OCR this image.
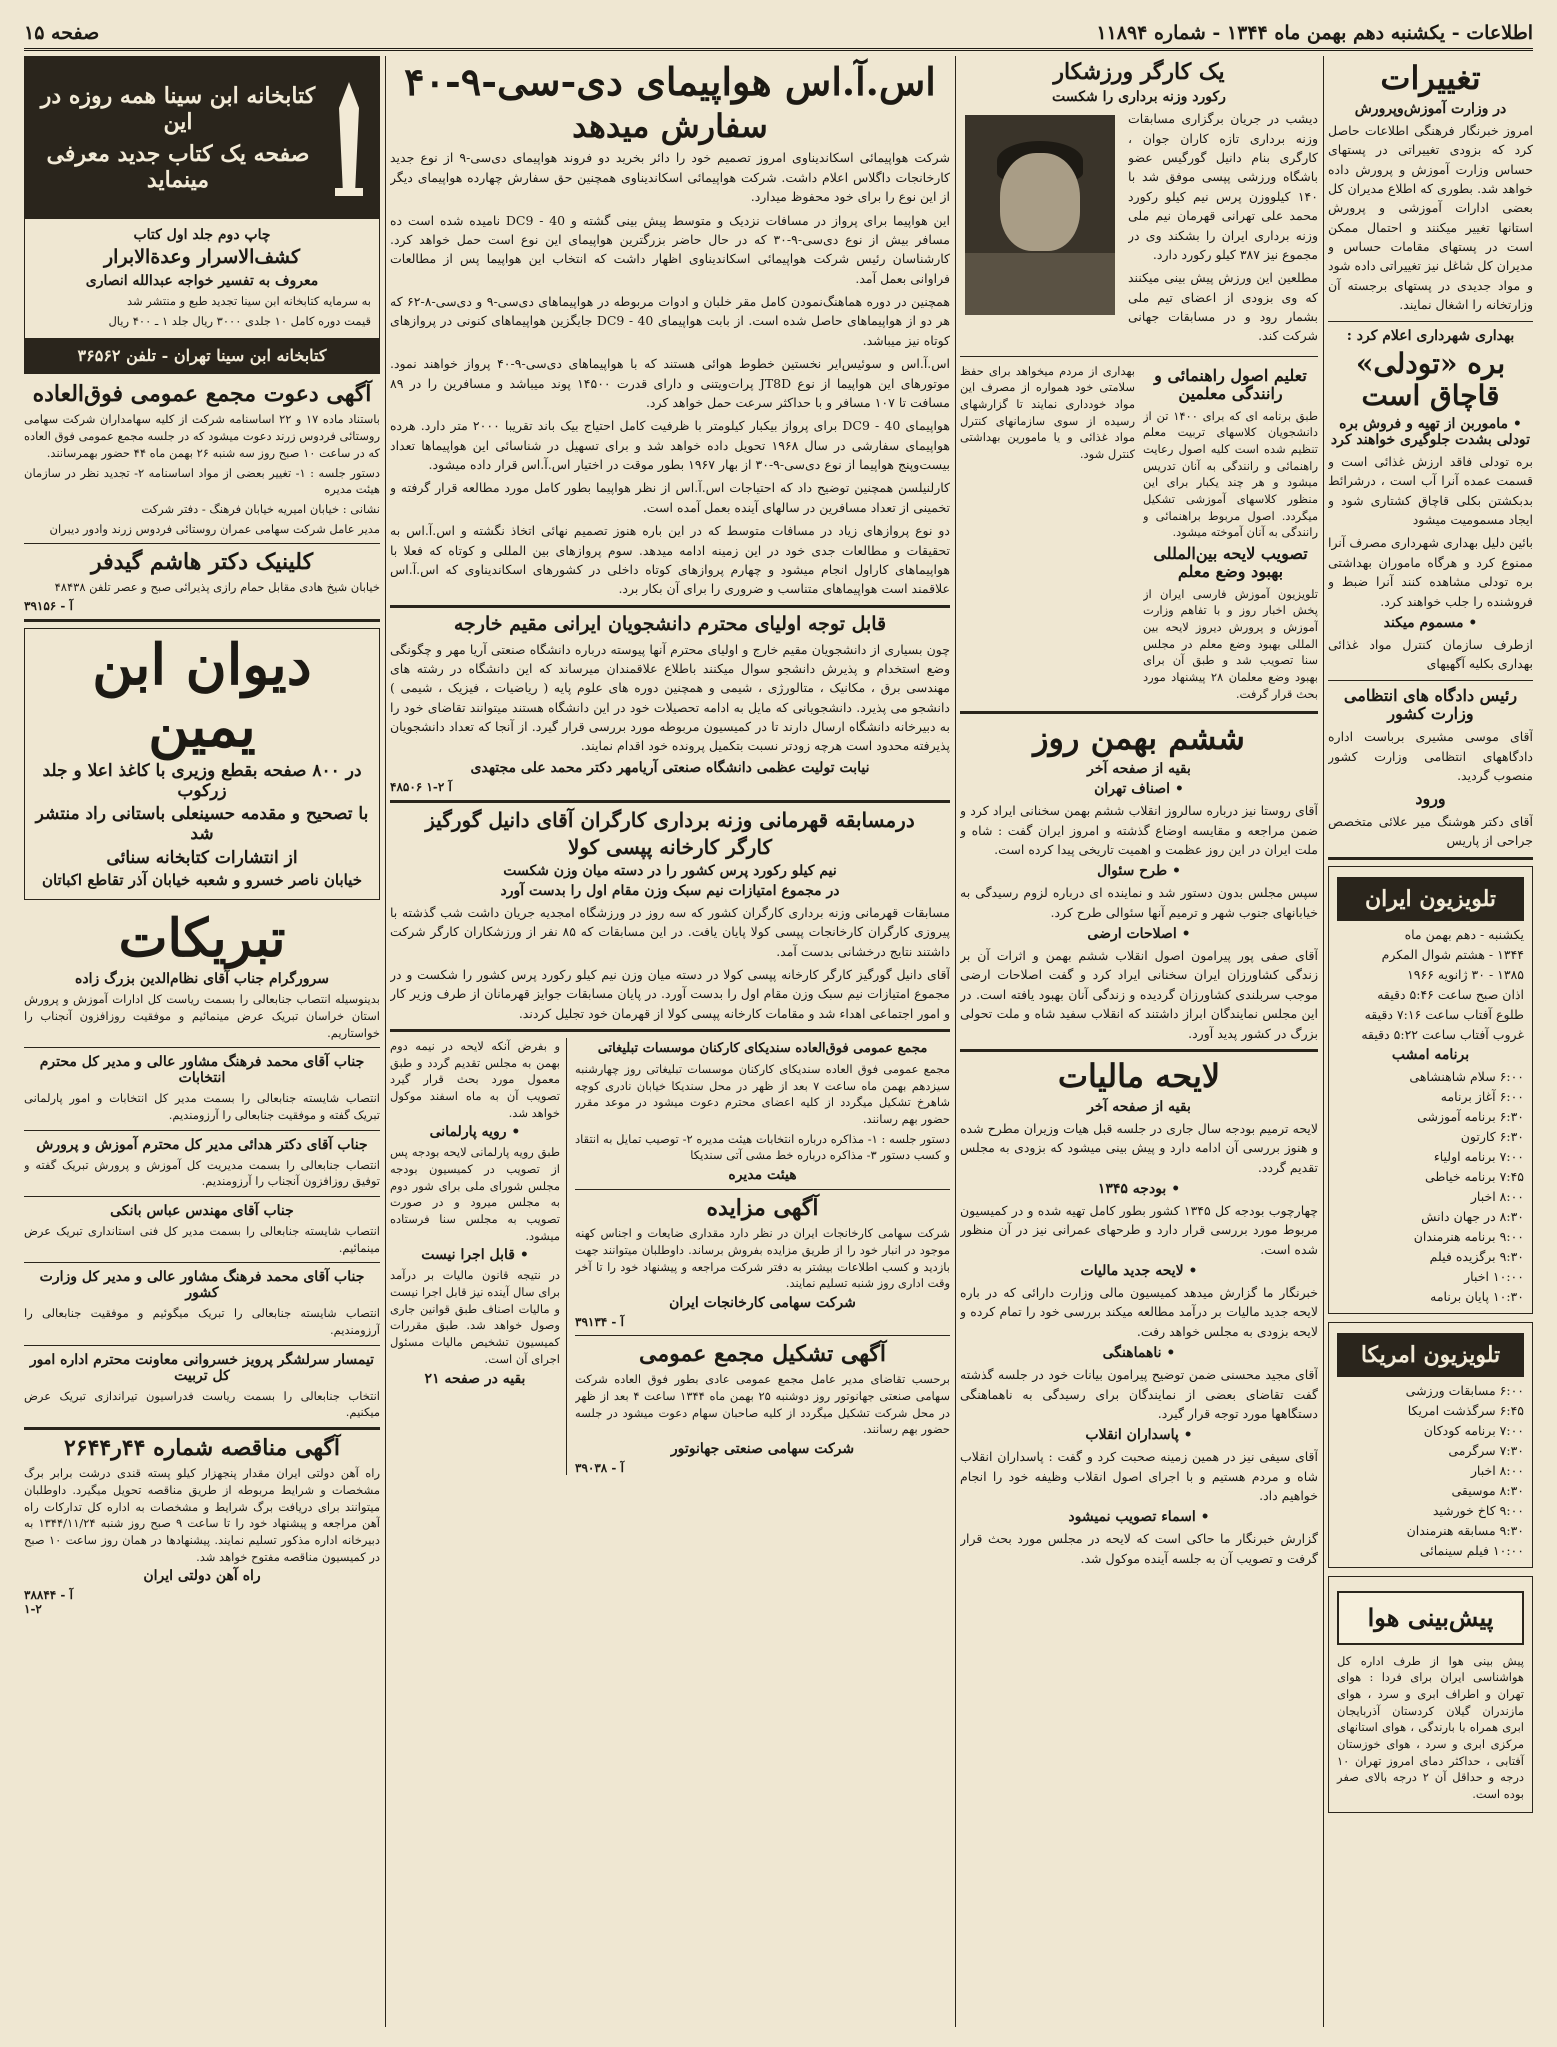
اطلاعات - یکشنبه دهم بهمن ماه ۱۳۴۴ - شماره ۱۱۸۹۴
صفحه ۱۵
تغییرات
در وزارت آموزش‌وپرورش

امروز خبرنگار فرهنگی اطلاعات حاصل کرد که بزودی تغییراتی در پستهای حساس وزارت آموزش و پرورش داده خواهد شد. بطوری که اطلاع مدیران کل بعضی ادارات آموزشی و پرورش استانها تغییر میکنند و احتمال ممکن است در پستهای مقامات حساس و مدیران کل شاغل نیز تغییراتی داده شود و مواد جدیدی در پستهای برجسته آن وزارتخانه را اشغال نمایند.

بهداری شهرداری اعلام کرد :
بره «تودلی» قاچاق است
• ماموربن از تهیه و فروش بره تودلی بشدت جلوگیری خواهند کرد

بره تودلی فاقد ارزش غذائی است و قسمت عمده آنرا آب است ، درشرائط بدبکشتن بکلی قاچاق کشتاری شود و ایجاد مسمومیت میشود

بائین دلیل بهداری شهرداری مصرف آنرا ممنوع کرد و هرگاه ماموران بهداشتی بره تودلی مشاهده کنند آنرا ضبط و فروشنده را جلب خواهند کرد.

• مسموم میکند

ازطرف سازمان کنترل مواد غذائی بهداری بکلیه آگهیهای

رئیس دادگاه های انتظامی وزارت کشور

آقای موسی مشیری برباست اداره دادگاههای انتظامی وزارت کشور منصوب گردید.

ورود

آقای دکتر هوشنگ میر علائی متخصص جراحی از پاریس

تلویزیون ایران
یکشنبه - دهم بهمن ماه
۱۳۴۴ - هشتم شوال المکرم
۱۳۸۵ - ۳۰ ژانویه ۱۹۶۶
اذان صبح ساعت ۵:۴۶ دقیقه
طلوع آفتاب ساعت ۷:۱۶ دقیقه
غروب آفتاب ساعت ۵:۲۲ دقیقه
برنامه امشب
۶:۰۰ سلام شاهنشاهی
۶:۰۰ آغاز برنامه
۶:۳۰ برنامه آموزشی
۶:۳۰ کارتون
۷:۰۰ برنامه اولیاء
۷:۴۵ برنامه خیاطی
۸:۰۰ اخبار
۸:۳۰ در جهان دانش
۹:۰۰ برنامه هنرمندان
۹:۳۰ برگزیده فیلم
۱۰:۰۰ اخبار
۱۰:۳۰ پایان برنامه
تلویزیون امریکا
۶:۰۰ مسابقات ورزشی
۶:۴۵ سرگذشت امریکا
۷:۰۰ برنامه کودکان
۷:۳۰ سرگرمی
۸:۰۰ اخبار
۸:۳۰ موسیقی
۹:۰۰ کاخ خورشید
۹:۳۰ مسابقه هنرمندان
۱۰:۰۰ فیلم سینمائی
پیش‌بینی هوا

پیش بینی هوا از طرف اداره کل هواشناسی ایران برای فردا : هوای تهران و اطراف ابری و سرد ، هوای مازندران گیلان کردستان آذربایجان ابری همراه با بارندگی ، هوای استانهای مرکزی ابری و سرد ، هوای خوزستان آفتابی ، حداکثر دمای امروز تهران ۱۰ درجه و حداقل آن ۲ درجه بالای صفر بوده است.

یک کارگر ورزشکار
رکورد وزنه برداری را شکست

دیشب در جریان برگزاری مسابقات وزنه برداری تازه کاران جوان ، کارگری بنام دانیل گورگیس عضو باشگاه ورزشی پپسی موفق شد با ۱۴۰ کیلووزن پرس نیم کیلو رکورد محمد علی تهرانی قهرمان نیم ملی وزنه برداری ایران را بشکند وی در مجموع نیز ۳۸۷ کیلو رکورد دارد.

مطلعین این ورزش پیش بینی میکنند که وی بزودی از اعضای تیم ملی بشمار رود و در مسابقات جهانی شرکت کند.

تعلیم اصول راهنمائی و رانندگی معلمین

طبق برنامه ای که برای ۱۴۰۰ تن از دانشجویان کلاسهای تربیت معلم تنظیم شده است کلیه اصول رعایت راهنمائی و رانندگی به آنان تدریس میشود و هر چند یکبار برای این منظور کلاسهای آموزشی تشکیل میگردد. اصول مربوط براهنمائی و رانندگی به آنان آموخته میشود.

تصویب لایحه بین‌المللی بهبود وضع معلم

تلویزیون آموزش فارسی ایران از پخش اخبار روز و با تفاهم وزارت آموزش و پرورش دیروز لایحه بین المللی بهبود وضع معلم در مجلس سنا تصویب شد و طبق آن برای بهبود وضع معلمان ۲۸ پیشنهاد مورد بحث قرار گرفت.

بهداری از مردم میخواهد برای حفظ سلامتی خود همواره از مصرف این مواد خودداری نمایند تا گزارشهای رسیده از سوی سازمانهای کنترل مواد غذائی و یا مامورین بهداشتی کنترل شود.

ششم بهمن روز
بقیه از صفحه آخر
• اصناف تهران

آقای روستا نیز درباره سالروز انقلاب ششم بهمن سخنانی ایراد کرد و ضمن مراجعه و مقایسه اوضاع گذشته و امروز ایران گفت : شاه و ملت ایران در این روز عظمت و اهمیت تاریخی پیدا کرده است.

• طرح سئوال

سپس مجلس بدون دستور شد و نماینده ای درباره لزوم رسیدگی به خیابانهای جنوب شهر و ترمیم آنها سئوالی طرح کرد.

• اصلاحات ارضی

آقای صفی پور پیرامون اصول انقلاب ششم بهمن و اثرات آن بر زندگی کشاورزان ایران سخنانی ایراد کرد و گفت اصلاحات ارضی موجب سربلندی کشاورزان گردیده و زندگی آنان بهبود یافته است. در این مجلس نمایندگان ابراز داشتند که انقلاب سفید شاه و ملت تحولی بزرگ در کشور پدید آورد.

لایحه مالیات
بقیه از صفحه آخر

لایحه ترمیم بودجه سال جاری در جلسه قبل هیات وزیران مطرح شده و هنوز بررسی آن ادامه دارد و پیش بینی میشود که بزودی به مجلس تقدیم گردد.

• بودجه ۱۳۴۵

چهارچوب بودجه کل ۱۳۴۵ کشور بطور کامل تهیه شده و در کمیسیون مربوط مورد بررسی قرار دارد و طرحهای عمرانی نیز در آن منظور شده است.

• لایحه جدید مالیات

خبرنگار ما گزارش میدهد کمیسیون مالی وزارت دارائی که در باره لایحه جدید مالیات بر درآمد مطالعه میکند بررسی خود را تمام کرده و لایحه بزودی به مجلس خواهد رفت.

• ناهماهنگی

آقای مجید محسنی ضمن توضیح پیرامون بیانات خود در جلسه گذشته گفت تقاضای بعضی از نمایندگان برای رسیدگی به ناهماهنگی دستگاهها مورد توجه قرار گیرد.

• پاسداران انقلاب

آقای سیفی نیز در همین زمینه صحبت کرد و گفت : پاسداران انقلاب شاه و مردم هستیم و با اجرای اصول انقلاب وظیفه خود را انجام خواهیم داد.

• اسماء تصویب نمیشود

گزارش خبرنگار ما حاکی است که لایحه در مجلس مورد بحث قرار گرفت و تصویب آن به جلسه آینده موکول شد.

اس.آ.اس هواپیمای دی-سی-۹-۴۰
سفارش میدهد

شرکت هواپیمائی اسکاندیناوی امروز تصمیم خود را دائر بخرید دو فروند هواپیمای دی‌سی-۹ از نوع جدید کارخانجات داگلاس اعلام داشت. شرکت هواپیمائی اسکاندیناوی همچنین حق سفارش چهارده هواپیمای دیگر از این نوع را برای خود محفوظ میدارد.

این هواپیما برای پرواز در مسافات نزدیک و متوسط پیش بینی گشته و DC9 - 40 نامیده شده است ده مسافر بیش از نوع دی‌سی-۹-۳۰ که در حال حاضر بزرگترین هواپیمای این نوع است حمل خواهد کرد. کارشناسان رئیس شرکت هواپیمائی اسکاندیناوی اظهار داشت که انتخاب این هواپیما پس از مطالعات فراوانی بعمل آمد.

همچنین در دوره هماهنگ‌نمودن کامل مقر خلبان و ادوات مربوطه در هواپیماهای دی‌سی-۹ و دی‌سی-۸-۶۲ که هر دو از هواپیماهای حاصل شده است. از بابت هواپیمای DC9 - 40 جایگزین هواپیماهای کنونی در پروازهای کوتاه نیز میباشد.

اس.آ.اس و سوئیس‌ایر نخستین خطوط هوائی هستند که با هواپیماهای دی‌سی-۹-۴۰ پرواز خواهند نمود. موتورهای این هواپیما از نوع JT8D پرات‌ویتنی و دارای قدرت ۱۴۵۰۰ پوند میباشد و مسافرین را در ۸۹ مسافت تا ۱۰۷ مسافر و با حداکثر سرعت حمل خواهد کرد.

هواپیمای DC9 - 40 برای پرواز بیکبار کیلومتر با ظرفیت کامل احتیاج بیک باند تقریبا ۲۰۰۰ متر دارد. هرده هواپیمای سفارشی در سال ۱۹۶۸ تحویل داده خواهد شد و برای تسهیل در شناسائی این هواپیماها تعداد بیست‌وپنج هواپیما از نوع دی‌سی-۹-۳۰ از بهار ۱۹۶۷ بطور موقت در اختیار اس.آ.اس قرار داده میشود.

کارلنیلسن همچنین توضیح داد که احتیاجات اس.آ.اس از نظر هواپیما بطور کامل مورد مطالعه قرار گرفته و تخمینی از تعداد مسافرین در سالهای آینده بعمل آمده است.

دو نوع پروازهای زیاد در مسافات متوسط که در این باره هنوز تصمیم نهائی اتخاذ نگشته و اس.آ.اس به تحقیقات و مطالعات جدی خود در این زمینه ادامه میدهد. سوم پروازهای بین المللی و کوتاه که فعلا با هواپیماهای کاراول انجام میشود و چهارم پروازهای کوتاه داخلی در کشورهای اسکاندیناوی که اس.آ.اس علاقمند است هواپیماهای متناسب و ضروری را برای آن بکار برد.

قابل توجه اولیای محترم دانشجویان ایرانی مقیم خارجه

چون بسیاری از دانشجویان مقیم خارج و اولیای محترم آنها پیوسته درباره دانشگاه صنعتی آریا مهر و چگونگی وضع استخدام و پذیرش دانشجو سوال میکنند باطلاع علاقمندان میرساند که این دانشگاه در رشته های مهندسی برق ، مکانیک ، متالورژی ، شیمی و همچنین دوره های علوم پایه ( ریاضیات ، فیزیک ، شیمی ) دانشجو می پذیرد. دانشجویانی که مایل به ادامه تحصیلات خود در این دانشگاه هستند میتوانند تقاضای خود را به دبیرخانه دانشگاه ارسال دارند تا در کمیسیون مربوطه مورد بررسی قرار گیرد. از آنجا که تعداد دانشجویان پذیرفته محدود است هرچه زودتر نسبت بتکمیل پرونده خود اقدام نمایند.

نیابت تولیت عظمی دانشگاه صنعتی آریامهر دکتر محمد علی مجتهدی
آ ۲-۱ ۴۸۵۰۶
درمسابقه قهرمانی وزنه برداری کارگران آقای دانیل گورگیز
کارگر کارخانه پپسی کولا
نیم کیلو رکورد پرس کشور را در دسته میان وزن شکست
در مجموع امتیازات نیم سبک وزن مقام اول را بدست آورد

مسابقات قهرمانی وزنه برداری کارگران کشور که سه روز در ورزشگاه امجدیه جریان داشت شب گذشته با پیروزی کارگران کارخانجات پپسی کولا پایان یافت. در این مسابقات که ۸۵ نفر از ورزشکاران کارگر شرکت داشتند نتایج درخشانی بدست آمد.

آقای دانیل گورگیز کارگر کارخانه پپسی کولا در دسته میان وزن نیم کیلو رکورد پرس کشور را شکست و در مجموع امتیازات نیم سبک وزن مقام اول را بدست آورد. در پایان مسابقات جوایز قهرمانان از طرف وزیر کار و امور اجتماعی اهداء شد و مقامات کارخانه پپسی کولا از قهرمان خود تجلیل کردند.

مجمع عمومی فوق‌العاده سندیکای کارکنان موسسات تبلیغاتی

مجمع عمومی فوق العاده سندیکای کارکنان موسسات تبلیغاتی روز چهارشنبه سیزدهم بهمن ماه ساعت ۷ بعد از ظهر در محل سندیکا خیابان نادری کوچه شاهرخ تشکیل میگردد از کلیه اعضای محترم دعوت میشود در موعد مقرر حضور بهم رسانند.

دستور جلسه : ۱- مذاکره درباره انتخابات هیئت مدیره ۲- توصیب تمایل به انتقاد و کسب دستور ۳- مذاکره درباره خط مشی آتی سندیکا

هیئت مدیره
آگهی مزایده

شرکت سهامی کارخانجات ایران در نظر دارد مقداری ضایعات و اجناس کهنه موجود در انبار خود را از طریق مزایده بفروش برساند. داوطلبان میتوانند جهت بازدید و کسب اطلاعات بیشتر به دفتر شرکت مراجعه و پیشنهاد خود را تا آخر وقت اداری روز شنبه تسلیم نمایند.

شرکت سهامی کارخانجات ایران
آ - ۳۹۱۳۴
آگهی تشکیل مجمع عمومی

برحسب تقاضای مدیر عامل مجمع عمومی عادی بطور فوق العاده شرکت سهامی صنعتی جهانوتور روز دوشنبه ۲۵ بهمن ماه ۱۳۴۴ ساعت ۴ بعد از ظهر در محل شرکت تشکیل میگردد از کلیه صاحبان سهام دعوت میشود در جلسه حضور بهم رسانند.

شرکت سهامی صنعتی جهانوتور
آ - ۳۹۰۳۸

و بفرض آنکه لایحه در نیمه دوم بهمن به مجلس تقدیم گردد و طبق معمول مورد بحث قرار گیرد تصویب آن به ماه اسفند موکول خواهد شد.

• رویه پارلمانی

طبق رویه پارلمانی لایحه بودجه پس از تصویب در کمیسیون بودجه مجلس شورای ملی برای شور دوم به مجلس میرود و در صورت تصویب به مجلس سنا فرستاده میشود.

• قابل اجرا نیست

در نتیجه قانون مالیات بر درآمد برای سال آینده نیز قابل اجرا نیست و مالیات اصناف طبق قوانین جاری وصول خواهد شد. طبق مقررات کمیسیون تشخیص مالیات مسئول اجرای آن است.

بقیه در صفحه ۲۱
کتابخانه ابن سینا همه روزه در این
صفحه یک کتاب جدید معرفی مینماید
چاپ دوم جلد اول کتاب
کشف‌الاسرار وعدةالابرار
معروف به تفسیر خواجه عبدالله انصاری

به سرمایه کتابخانه ابن سینا تجدید طبع و منتشر شد

قیمت دوره کامل ۱۰ جلدی ۳۰۰۰ ریال جلد ۱ ـ ۴۰۰ ریال

کتابخانه ابن سینا تهران - تلفن ۳۶۵۶۲
آگهی دعوت مجمع عمومی فوق‌العاده

باستناد ماده ۱۷ و ۲۲ اساسنامه شرکت از کلیه سهامداران شرکت سهامی روستائی فردوس زرند دعوت میشود که در جلسه مجمع عمومی فوق العاده که در ساعت ۱۰ صبح روز سه شنبه ۲۶ بهمن ماه ۴۴ حضور بهمرسانند.

دستور جلسه : ۱- تغییر بعضی از مواد اساسنامه ۲- تجدید نظر در سازمان هیئت مدیره

نشانی : خیابان امیریه خیابان فرهنگ - دفتر شرکت

مدیر عامل شرکت سهامی عمران روستائی فردوس زرند وادور دیبران

کلینیک دکتر هاشم گیدفر

خیابان شیخ هادی مقابل حمام رازی پذیرائی صبح و عصر تلفن ۴۸۴۳۸

آ - ۳۹۱۵۶
دیوان ابن یمین
در ۸۰۰ صفحه بقطع وزیری با کاغذ اعلا و جلد زرکوب
با تصحیح و مقدمه حسینعلی باستانی راد منتشر شد
از انتشارات کتابخانه سنائی
خیابان ناصر خسرو و شعبه خیابان آذر تقاطع اکباتان
تبریکات
سرورگرام جناب آقای نظام‌الدین بزرگ زاده

بدینوسیله انتصاب جنابعالی را بسمت ریاست کل ادارات آموزش و پرورش استان خراسان تبریک عرض مینمائیم و موفقیت روزافزون آنجناب را خواستاریم.

جناب آقای محمد فرهنگ مشاور عالی و مدیر کل محترم انتخابات

انتصاب شایسته جنابعالی را بسمت مدیر کل انتخابات و امور پارلمانی تبریک گفته و موفقیت جنابعالی را آرزومندیم.

جناب آقای دکتر هدائی مدیر کل محترم آموزش و پرورش

انتصاب جنابعالی را بسمت مدیریت کل آموزش و پرورش تبریک گفته و توفیق روزافزون آنجناب را آرزومندیم.

جناب آقای مهندس عباس بانکی

انتصاب شایسته جنابعالی را بسمت مدیر کل فنی استانداری تبریک عرض مینمائیم.

جناب آقای محمد فرهنگ مشاور عالی و مدیر کل وزارت کشور

انتصاب شایسته جنابعالی را تبریک میگوئیم و موفقیت جنابعالی را آرزومندیم.

تیمسار سرلشگر پرویز خسروانی معاونت محترم اداره امور کل تربیت

انتخاب جنابعالی را بسمت ریاست فدراسیون تیراندازی تبریک عرض میکنیم.

آگهی مناقصه شماره ۴۴ر۲۶۴۴

راه آهن دولتی ایران مقدار پنجهزار کیلو پسته قندی درشت برابر برگ مشخصات و شرایط مربوطه از طریق مناقصه تحویل میگیرد. داوطلبان میتوانند برای دریافت برگ شرایط و مشخصات به اداره کل تدارکات راه آهن مراجعه و پیشنهاد خود را تا ساعت ۹ صبح روز شنبه ۱۳۴۴/۱۱/۲۴ به دبیرخانه اداره مذکور تسلیم نمایند. پیشنهادها در همان روز ساعت ۱۰ صبح در کمیسیون مناقصه مفتوح خواهد شد.

راه آهن دولتی ایران
آ - ۳۸۸۴۴
۱-۲
